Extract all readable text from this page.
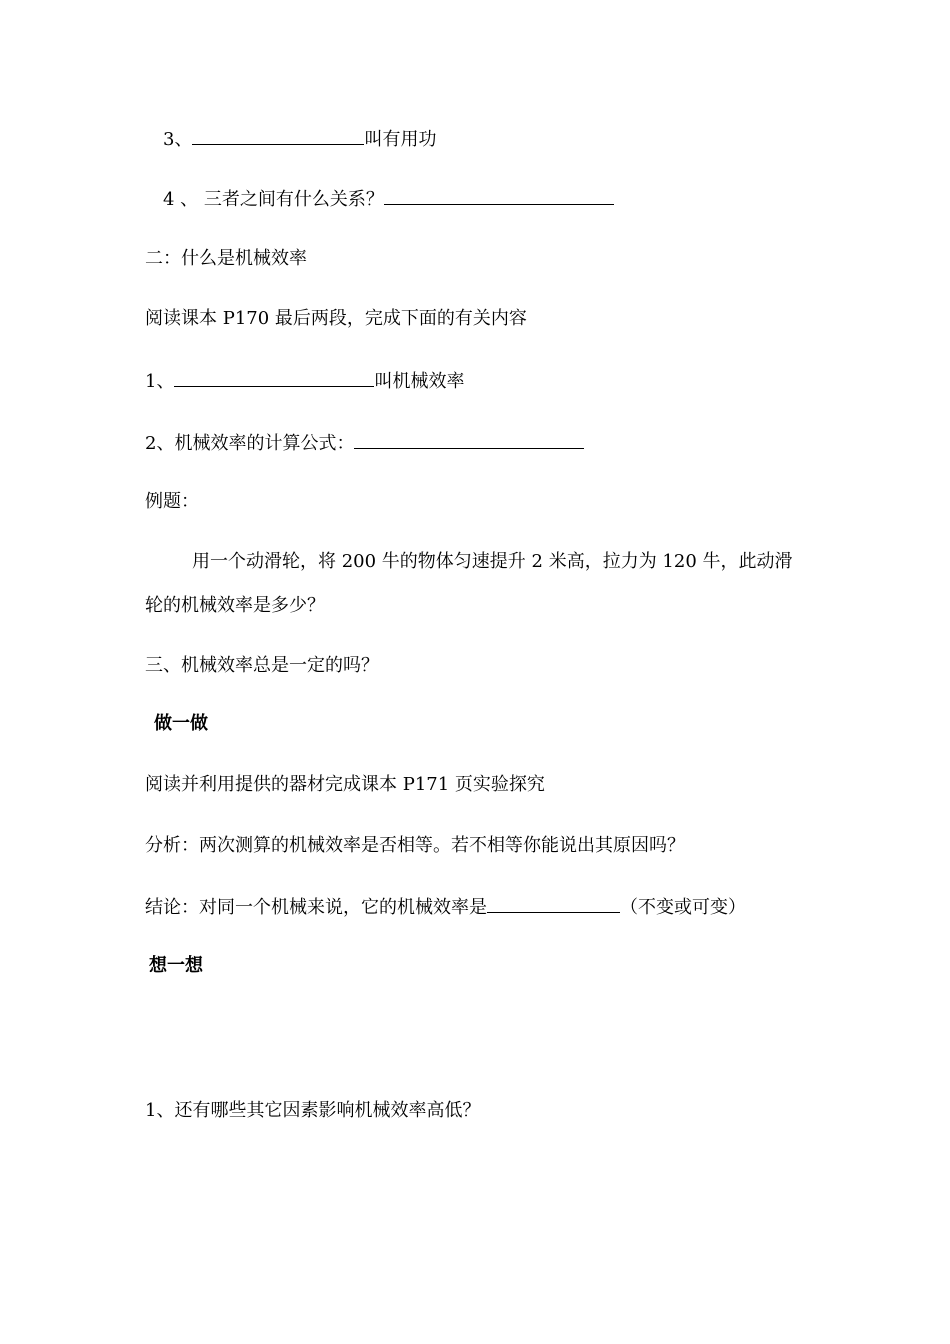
3、	叫有用功
4 、 三者之间有什么关系？
二：什么是机械效率
阅读课本 P170 最后两段，完成下面的有关内容
1、	叫机械效率
2、机械效率的计算公式：
例题：
用一个动滑轮，将 200 牛的物体匀速提升 2 米高，拉力为 120 牛，此动滑
轮的机械效率是多少？
三、机械效率总是一定的吗？
做一做
阅读并利用提供的器材完成课本 P171 页实验探究
分析：两次测算的机械效率是否相等。若不相等你能说出其原因吗？
结论：对同一个机械来说，它的机械效率是	（不变或可变）
想一想
1、还有哪些其它因素影响机械效率高低？
